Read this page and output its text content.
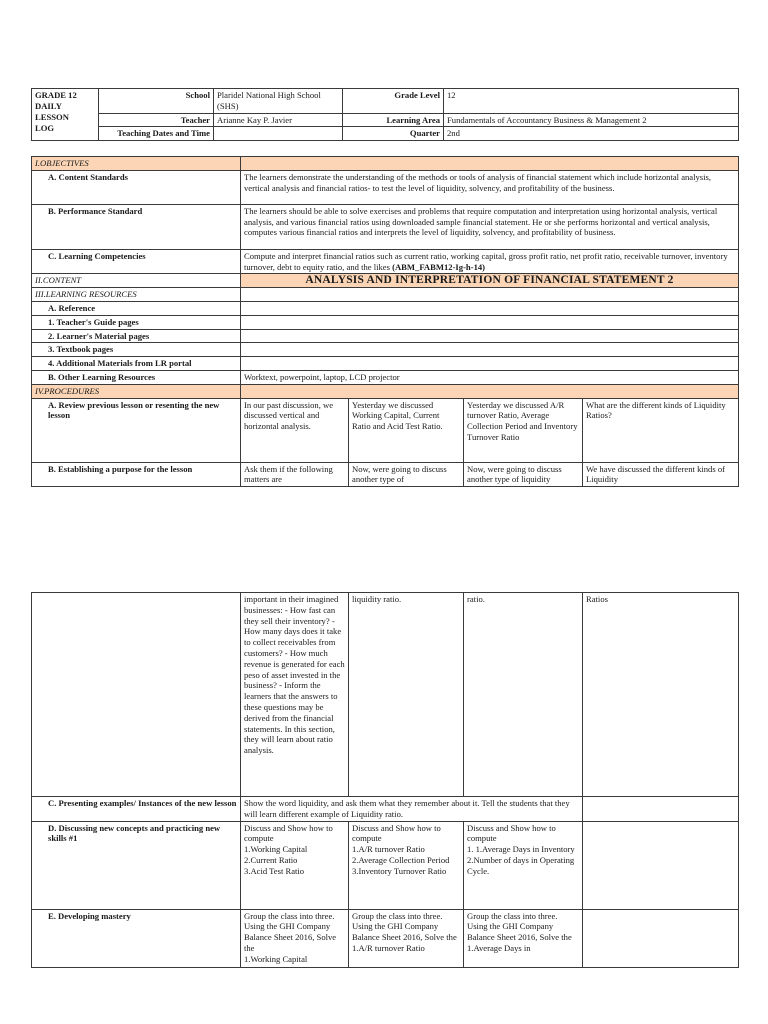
GRADE 12
DAILY
LESSON
LOG	School	Plaridel National High School (SHS)	Grade Level	12
	Teacher	Arianne Kay P. Javier	Learning Area	Fundamentals of Accountancy Business & Management 2
	Teaching Dates and Time		Quarter	2nd
I.OBJECTIVES				
A. Content Standards	The learners demonstrate the understanding of the methods or tools of analysis of financial statement which include horizontal analysis, vertical analysis and financial ratios- to test the level of liquidity, solvency, and profitability of the business.			
B. Performance Standard	The learners should be able to solve exercises and problems that require computation and interpretation using horizontal analysis, vertical analysis, and various financial ratios using downloaded sample financial statement. He or she performs horizontal and vertical analysis, computes various financial ratios and interprets the level of liquidity, solvency, and profitability of business.			
C. Learning Competencies	Compute and interpret financial ratios such as current ratio, working capital, gross profit ratio, net profit ratio, receivable turnover, inventory turnover, debt to equity ratio, and the likes (ABM_FABM12-Ig-h-14)			
II.CONTENT	ANALYSIS AND INTERPRETATION OF FINANCIAL STATEMENT 2			
III.LEARNING RESOURCES				
A. Reference				
1. Teacher's Guide pages				
2. Learner's Material pages				
3. Textbook pages				
4. Additional Materials from LR portal				
B. Other Learning Resources	Worktext, powerpoint, laptop, LCD projector			
IV.PROCEDURES				
A. Review previous lesson or resenting the new lesson	In our past discussion, we discussed vertical and horizontal analysis.	Yesterday we discussed Working Capital, Current Ratio and Acid Test Ratio.	Yesterday we discussed A/R turnover Ratio, Average Collection Period and Inventory Turnover Ratio	What are the different kinds of Liquidity Ratios?
B. Establishing a purpose for the lesson	Ask them if the following matters are	Now, were going to discuss another type of	Now, were going to discuss another type of liquidity	We have discussed the different kinds of Liquidity
	important in their imagined businesses: - How fast can they sell their inventory? - How many days does it take to collect receivables from customers? - How much revenue is generated for each peso of asset invested in the business? - Inform the learners that the answers to these questions may be derived from the financial statements. In this section, they will learn about ratio analysis.	liquidity ratio.	ratio.	Ratios
C. Presenting examples/ Instances of the new lesson	Show the word liquidity, and ask them what they remember about it. Tell the students that they will learn different example of Liquidity ratio.			
D. Discussing new concepts and practicing new skills #1	Discuss and Show how to compute
1.Working Capital
2.Current Ratio
3.Acid Test Ratio	Discuss and Show how to compute
1.A/R turnover Ratio
2.Average Collection Period
3.Inventory Turnover Ratio	Discuss and Show how to compute
1. 1.Average Days in Inventory
2.Number of days in Operating Cycle.	
E. Developing mastery	Group the class into three. Using the GHI Company Balance Sheet 2016, Solve the
1.Working Capital	Group the class into three. Using the GHI Company Balance Sheet 2016, Solve the
1.A/R turnover Ratio	Group the class into three. Using the GHI Company Balance Sheet 2016, Solve the
1.Average Days in	
